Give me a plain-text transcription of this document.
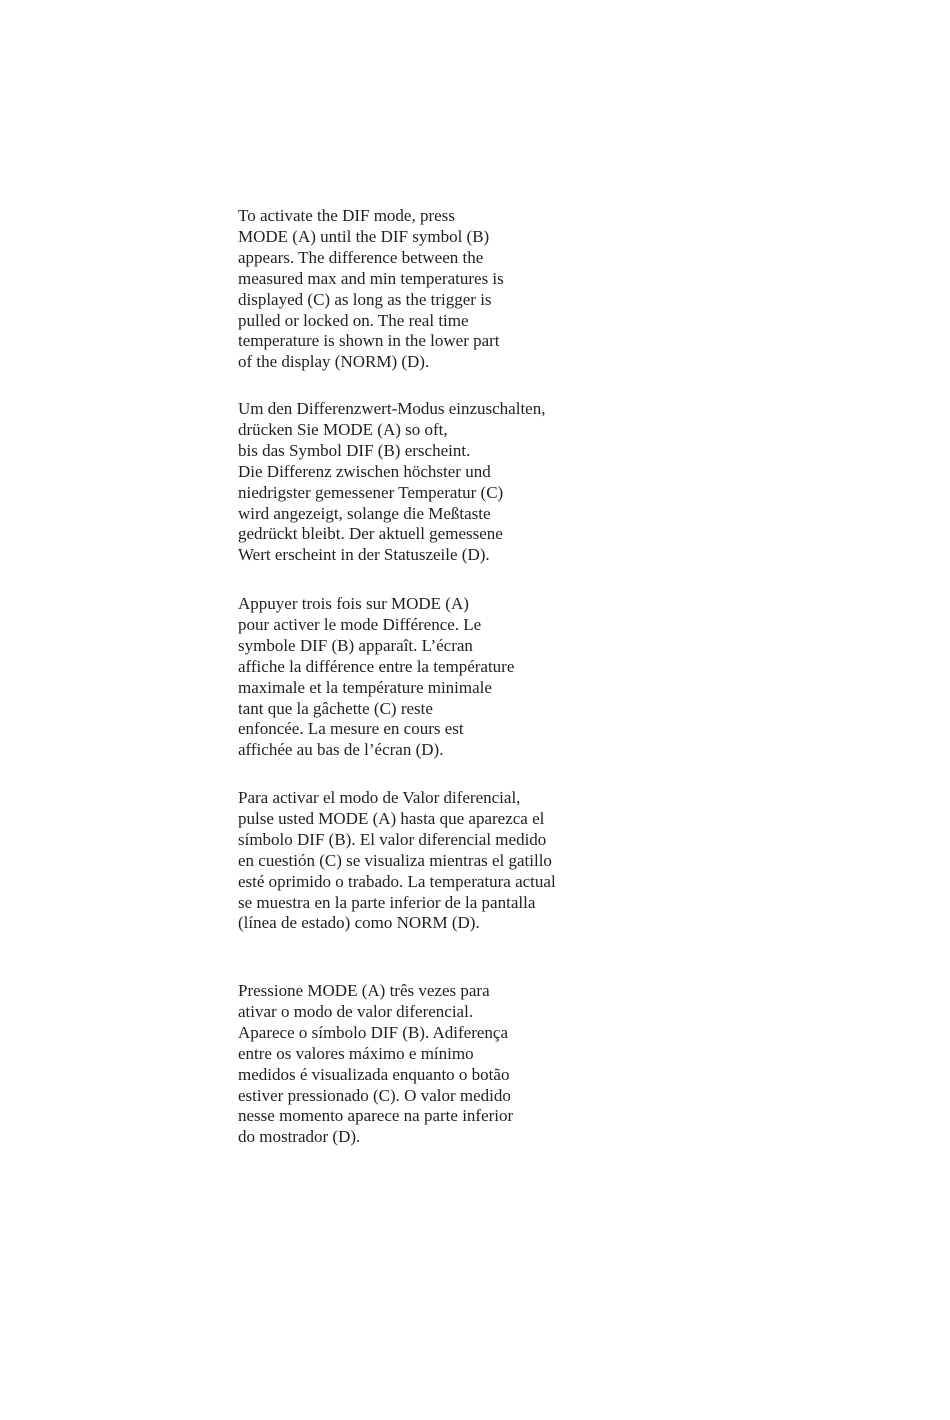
To activate the DIF mode, press
MODE (A) until the DIF symbol (B)
appears. The difference between the
measured max and min temperatures is
displayed (C) as long as the trigger is
pulled or locked on. The real time
temperature is shown in the lower part
of the display (NORM) (D).

Um den Differenzwert-Modus einzuschalten,
drücken Sie MODE (A) so oft,
bis das Symbol DIF (B) erscheint.
Die Differenz zwischen höchster und
niedrigster gemessener Temperatur (C)
wird angezeigt, solange die Meßtaste
gedrückt bleibt. Der aktuell gemessene
Wert erscheint in der Statuszeile (D).

Appuyer trois fois sur MODE (A)
pour activer le mode Différence. Le
symbole DIF (B) apparaît. L’écran
affiche la différence entre la température
maximale et la température minimale
tant que la gâchette (C) reste
enfoncée. La mesure en cours est
affichée au bas de l’écran (D).

Para activar el modo de Valor diferencial,
pulse usted MODE (A) hasta que aparezca el
símbolo DIF (B). El valor diferencial medido
en cuestión (C) se visualiza mientras el gatillo
esté oprimido o trabado. La temperatura actual
se muestra en la parte inferior de la pantalla
(línea de estado) como NORM (D).

Pressione MODE (A) três vezes para
ativar o modo de valor diferencial.
Aparece o símbolo DIF (B). Adiferença
entre os valores máximo e mínimo
medidos é visualizada enquanto o botão
estiver pressionado (C). O valor medido
nesse momento aparece na parte inferior
do mostrador (D).
